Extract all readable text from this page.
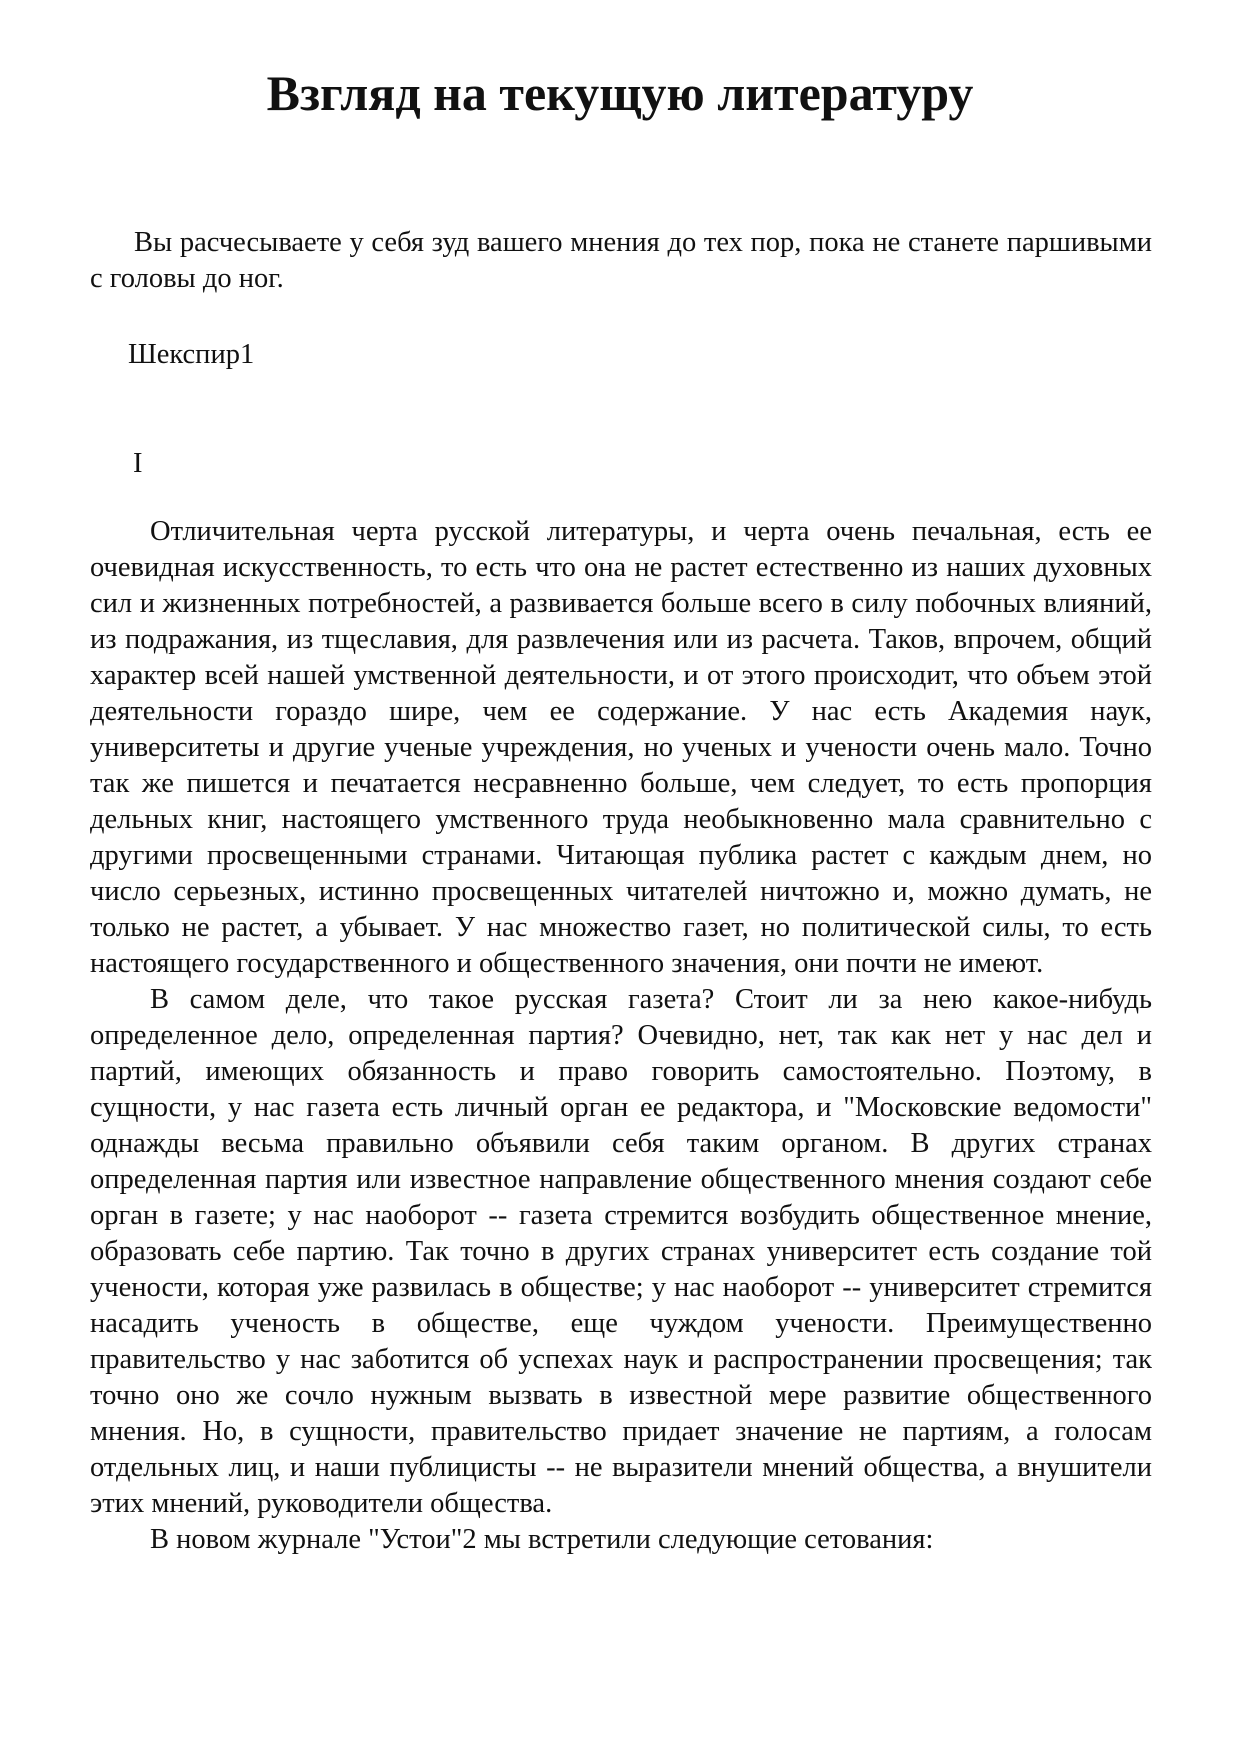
Взгляд на текущую литературу

Вы расчесываете у себя зуд вашего мнения до тех пор, пока не станете паршивыми с головы до ног.

Шекспир1

I

Отличительная черта русской литературы, и черта очень печальная, есть ее очевидная искусственность, то есть что она не растет естественно из наших духовных сил и жизненных потребностей, а развивается больше всего в силу побочных влияний, из подражания, из тщеславия, для развлечения или из расчета. Таков, впрочем, общий характер всей нашей умственной деятельности, и от этого происходит, что объем этой деятельности гораздо шире, чем ее содержание. У нас есть Академия наук, университеты и другие ученые учреждения, но ученых и учености очень мало. Точно так же пишется и печатается несравненно больше, чем следует, то есть пропорция дельных книг, настоящего умственного труда необыкновенно мала сравнительно с другими просвещенными странами. Читающая публика растет с каждым днем, но число серьезных, истинно просвещенных читателей ничтожно и, можно думать, не только не растет, а убывает. У нас множество газет, но политической силы, то есть настоящего государственного и общественного значения, они почти не имеют.

В самом деле, что такое русская газета? Стоит ли за нею какое-нибудь определенное дело, определенная партия? Очевидно, нет, так как нет у нас дел и партий, имеющих обязанность и право говорить самостоятельно. Поэтому, в сущности, у нас газета есть личный орган ее редактора, и "Московские ведомости" однажды весьма правильно объявили себя таким органом. В других странах определенная партия или известное направление общественного мнения создают себе орган в газете; у нас наоборот -- газета стремится возбудить общественное мнение, образовать себе партию. Так точно в других странах университет есть создание той учености, которая уже развилась в обществе; у нас наоборот -- университет стремится насадить ученость в обществе, еще чуждом учености. Преимущественно правительство у нас заботится об успехах наук и распространении просвещения; так точно оно же сочло нужным вызвать в известной мере развитие общественного мнения. Но, в сущности, правительство придает значение не партиям, а голосам отдельных лиц, и наши публицисты -- не выразители мнений общества, а внушители этих мнений, руководители общества.

В новом журнале "Устои"2 мы встретили следующие сетования:
